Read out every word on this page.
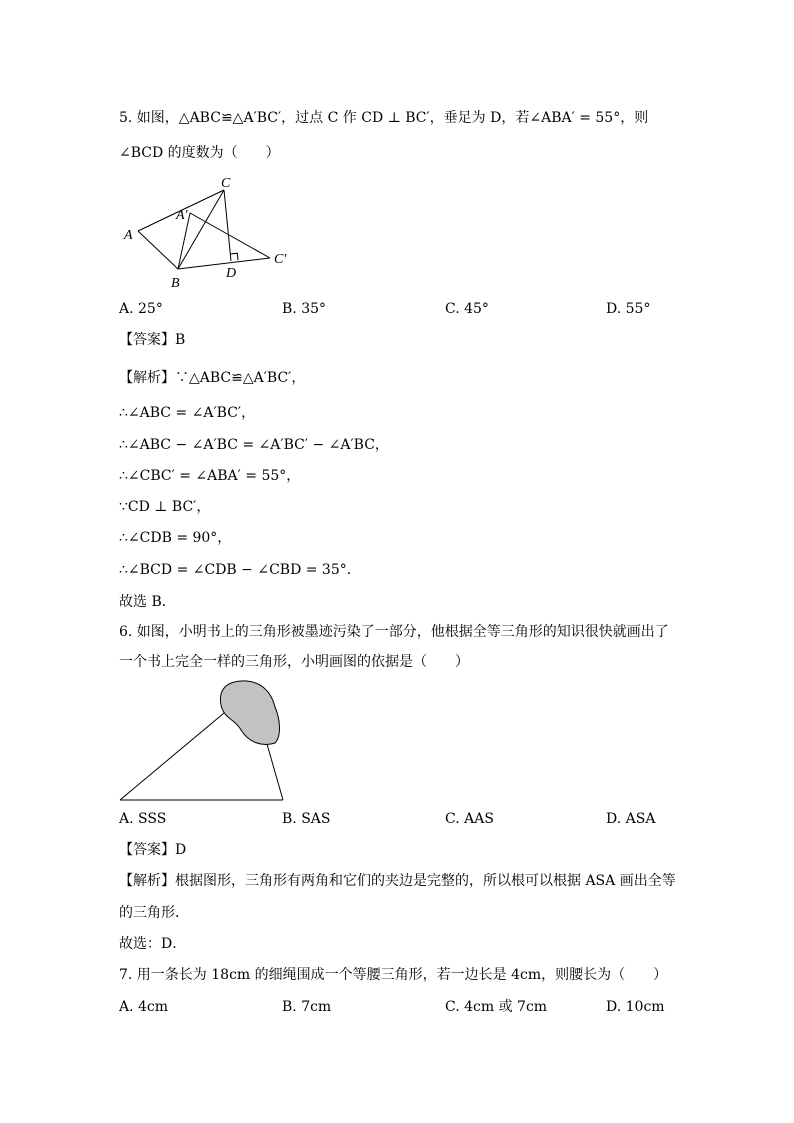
5. 如图，△ABC≌△A′BC′，过点 C 作 CD ⊥ BC′，垂足为 D，若∠ABA′ = 55°，则
∠BCD 的度数为（　　）
C
A′
A
B
D
C′
A. 25°	B. 35°	C. 45°	D. 55°
【答案】B
【解析】∵△ABC≌△A′BC′，
∴∠ABC = ∠A′BC′，
∴∠ABC − ∠A′BC = ∠A′BC′ − ∠A′BC，
∴∠CBC′ = ∠ABA′ = 55°，
∵CD ⊥ BC′，
∴∠CDB = 90°，
∴∠BCD = ∠CDB − ∠CBD = 35°．
故选 B．
6. 如图，小明书上的三角形被墨迹污染了一部分，他根据全等三角形的知识很快就画出了
一个书上完全一样的三角形，小明画图的依据是（　　）
A. SSS	B. SAS	C. AAS	D. ASA
【答案】D
【解析】根据图形，三角形有两角和它们的夹边是完整的，所以根可以根据 ASA 画出全等
的三角形．
故选：D．
7. 用一条长为 18cm 的细绳围成一个等腰三角形，若一边长是 4cm，则腰长为（　　）
A. 4cm	B. 7cm	C. 4cm 或 7cm	D. 10cm
